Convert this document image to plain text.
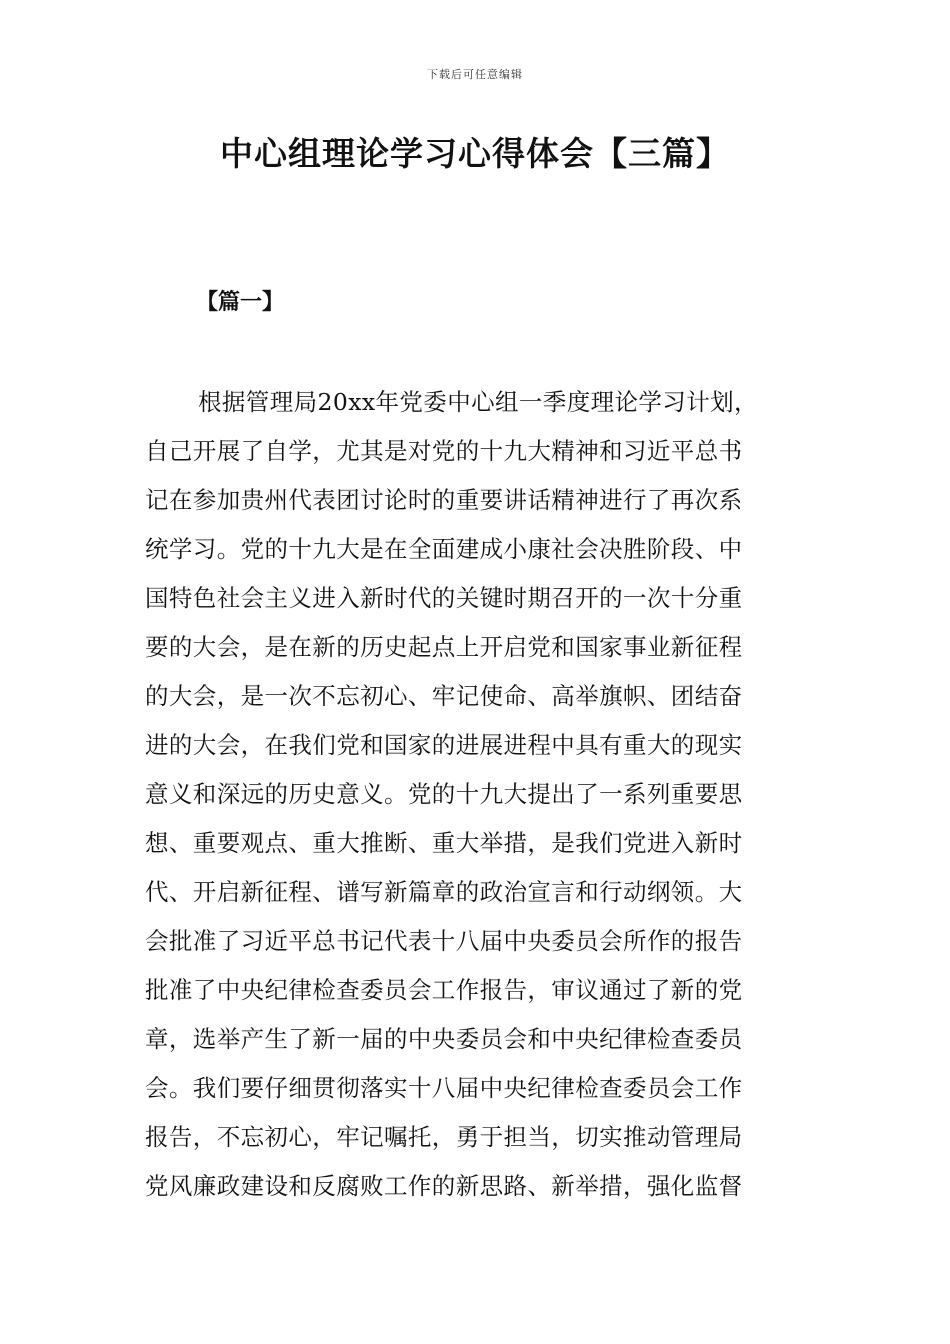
下载后可任意编辑
中心组理论学习心得体会【三篇】
【篇一】
根据管理局20xx年党委中心组一季度理论学习计划，
自己开展了自学，尤其是对党的十九大精神和习近平总书
记在参加贵州代表团讨论时的重要讲话精神进行了再次系
统学习。党的十九大是在全面建成小康社会决胜阶段、中
国特色社会主义进入新时代的关键时期召开的一次十分重
要的大会，是在新的历史起点上开启党和国家事业新征程
的大会，是一次不忘初心、牢记使命、高举旗帜、团结奋
进的大会，在我们党和国家的进展进程中具有重大的现实
意义和深远的历史意义。党的十九大提出了一系列重要思
想、重要观点、重大推断、重大举措，是我们党进入新时
代、开启新征程、谱写新篇章的政治宣言和行动纲领。大
会批准了习近平总书记代表十八届中央委员会所作的报告
批准了中央纪律检查委员会工作报告，审议通过了新的党
章，选举产生了新一届的中央委员会和中央纪律检查委员
会。我们要仔细贯彻落实十八届中央纪律检查委员会工作
报告，不忘初心，牢记嘱托，勇于担当，切实推动管理局
党风廉政建设和反腐败工作的新思路、新举措，强化监督
